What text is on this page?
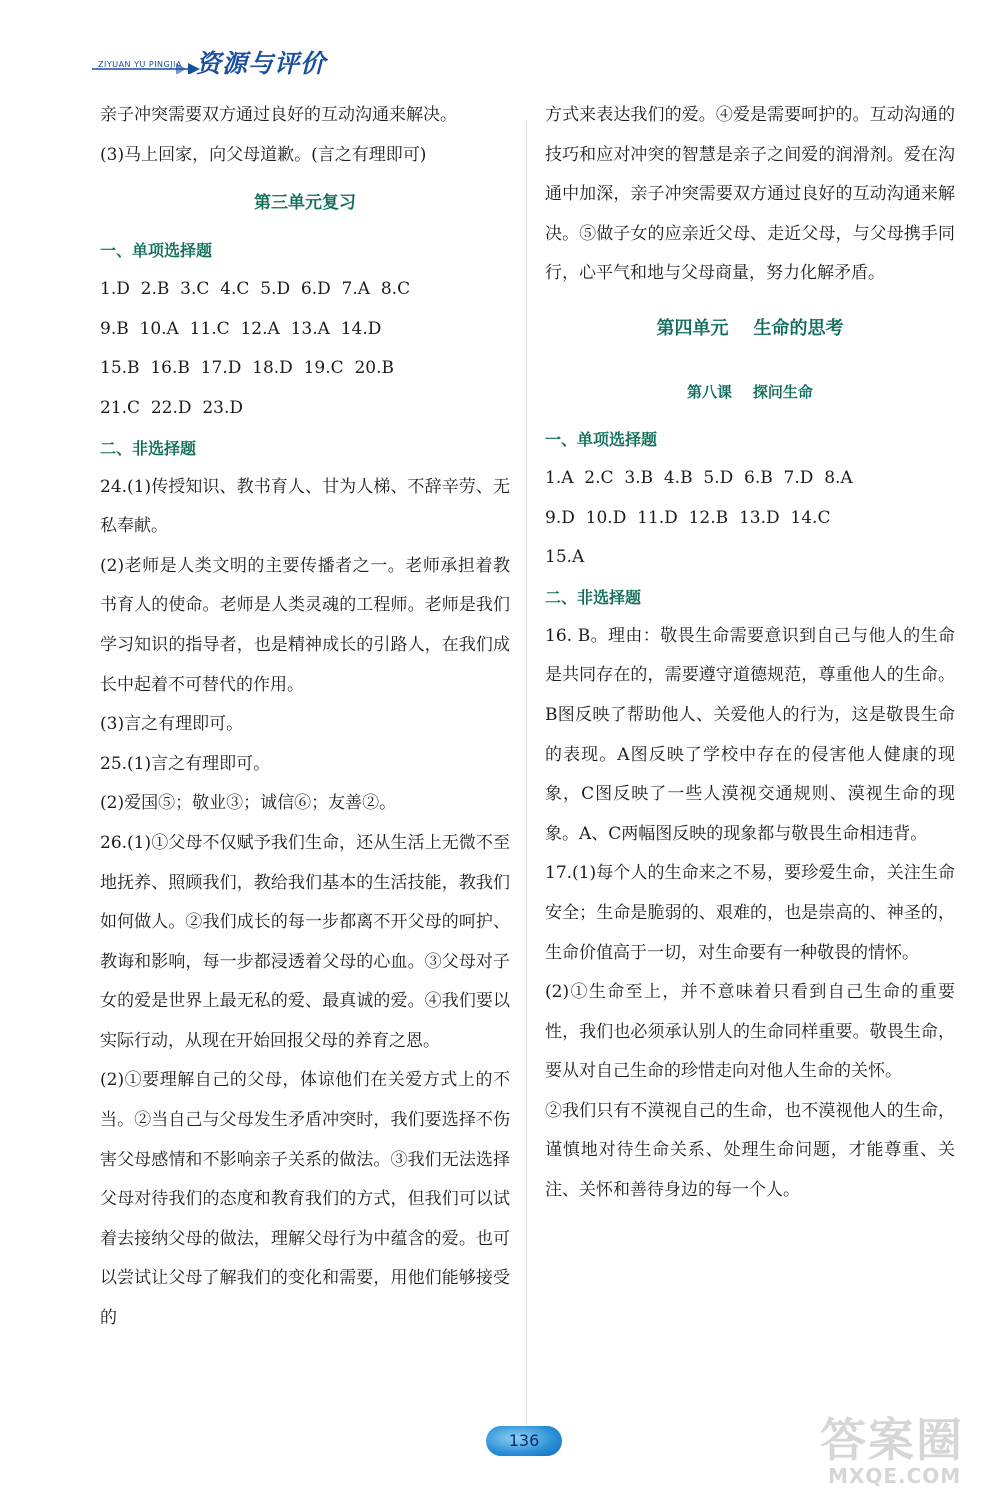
ZIYUAN YU PINGJIA 资源与评价

亲子冲突需要双方通过良好的互动沟通来解决。

(3)马上回家，向父母道歉。(言之有理即可)

第三单元复习

一、单项选择题

1.D  2.B  3.C  4.C  5.D  6.D  7.A  8.C

9.B  10.A  11.C  12.A  13.A  14.D

15.B  16.B  17.D  18.D  19.C  20.B

21.C  22.D  23.D

二、非选择题

24.(1)传授知识、教书育人、甘为人梯、不辞辛劳、无私奉献。

(2)老师是人类文明的主要传播者之一。老师承担着教书育人的使命。老师是人类灵魂的工程师。老师是我们学习知识的指导者，也是精神成长的引路人，在我们成长中起着不可替代的作用。

(3)言之有理即可。

25.(1)言之有理即可。

(2)爱国⑤；敬业③；诚信⑥；友善②。

26.(1)①父母不仅赋予我们生命，还从生活上无微不至地抚养、照顾我们，教给我们基本的生活技能，教我们如何做人。②我们成长的每一步都离不开父母的呵护、教诲和影响，每一步都浸透着父母的心血。③父母对子女的爱是世界上最无私的爱、最真诚的爱。④我们要以实际行动，从现在开始回报父母的养育之恩。

(2)①要理解自己的父母，体谅他们在关爱方式上的不当。②当自己与父母发生矛盾冲突时，我们要选择不伤害父母感情和不影响亲子关系的做法。③我们无法选择父母对待我们的态度和教育我们的方式，但我们可以试着去接纳父母的做法，理解父母行为中蕴含的爱。也可以尝试让父母了解我们的变化和需要，用他们能够接受的

方式来表达我们的爱。④爱是需要呵护的。互动沟通的技巧和应对冲突的智慧是亲子之间爱的润滑剂。爱在沟通中加深，亲子冲突需要双方通过良好的互动沟通来解决。⑤做子女的应亲近父母、走近父母，与父母携手同行，心平气和地与父母商量，努力化解矛盾。

第四单元    生命的思考

第八课    探问生命

一、单项选择题

1.A  2.C  3.B  4.B  5.D  6.B  7.D  8.A

9.D  10.D  11.D  12.B  13.D  14.C

15.A

二、非选择题

16. B。理由：敬畏生命需要意识到自己与他人的生命是共同存在的，需要遵守道德规范，尊重他人的生命。B图反映了帮助他人、关爱他人的行为，这是敬畏生命的表现。A图反映了学校中存在的侵害他人健康的现象，C图反映了一些人漠视交通规则、漠视生命的现象。A、C两幅图反映的现象都与敬畏生命相违背。

17.(1)每个人的生命来之不易，要珍爱生命，关注生命安全；生命是脆弱的、艰难的，也是崇高的、神圣的，生命价值高于一切，对生命要有一种敬畏的情怀。

(2)①生命至上，并不意味着只看到自己生命的重要性，我们也必须承认别人的生命同样重要。敬畏生命，要从对自己生命的珍惜走向对他人生命的关怀。

②我们只有不漠视自己的生命，也不漠视他人的生命，谨慎地对待生命关系、处理生命问题，才能尊重、关注、关怀和善待身边的每一个人。

136	答案圈
MXQE.COM
